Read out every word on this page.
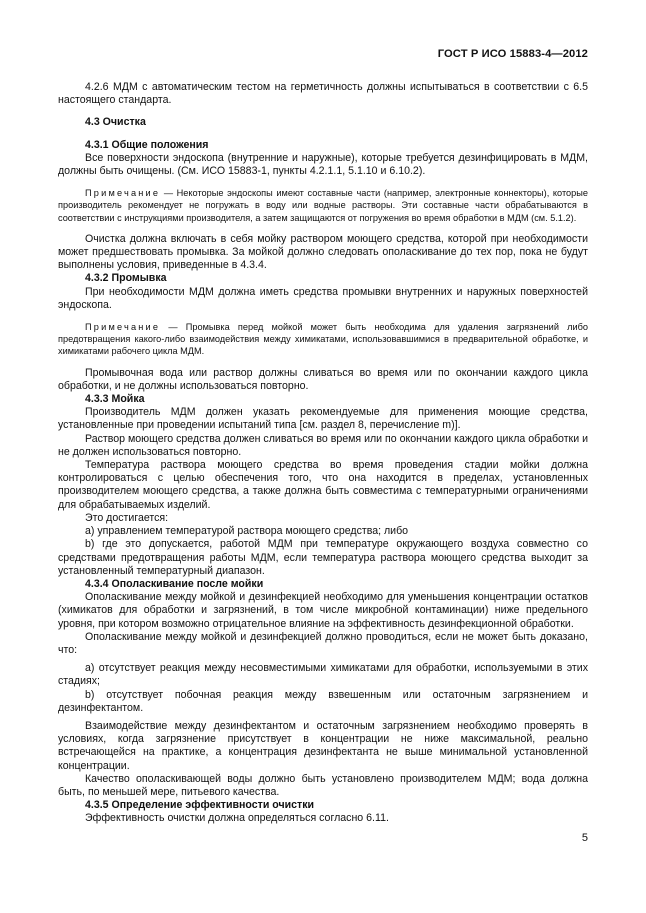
ГОСТ Р ИСО 15883-4—2012

4.2.6 МДМ с автоматическим тестом на герметичность должны испытываться в соответствии с 6.5 настоящего стандарта.

4.3 Очистка

4.3.1 Общие положения

Все поверхности эндоскопа (внутренние и наружные), которые требуется дезинфицировать в МДМ, должны быть очищены. (См. ИСО 15883-1, пункты 4.2.1.1, 5.1.10 и 6.10.2).

Примечание — Некоторые эндоскопы имеют составные части (например, электронные коннекторы), которые производитель рекомендует не погружать в воду или водные растворы. Эти составные части обрабатываются в соответствии с инструкциями производителя, а затем защищаются от погружения во время обработки в МДМ (см. 5.1.2).

Очистка должна включать в себя мойку раствором моющего средства, которой при необходимости может предшествовать промывка. За мойкой должно следовать ополаскивание до тех пор, пока не будут выполнены условия, приведенные в 4.3.4.

4.3.2 Промывка

При необходимости МДМ должна иметь средства промывки внутренних и наружных поверхностей эндоскопа.

Примечание — Промывка перед мойкой может быть необходима для удаления загрязнений либо предотвращения какого-либо взаимодействия между химикатами, использовавшимися в предварительной обработке, и химикатами рабочего цикла МДМ.

Промывочная вода или раствор должны сливаться во время или по окончании каждого цикла обработки, и не должны использоваться повторно.

4.3.3 Мойка

Производитель МДМ должен указать рекомендуемые для применения моющие средства, установленные при проведении испытаний типа [см. раздел 8, перечисление m)].

Раствор моющего средства должен сливаться во время или по окончании каждого цикла обработки и не должен использоваться повторно.

Температура раствора моющего средства во время проведения стадии мойки должна контролироваться с целью обеспечения того, что она находится в пределах, установленных производителем моющего средства, а также должна быть совместима с температурными ограничениями для обрабатываемых изделий.

Это достигается:

а) управлением температурой раствора моющего средства; либо

b) где это допускается, работой МДМ при температуре окружающего воздуха совместно со средствами предотвращения работы МДМ, если температура раствора моющего средства выходит за установленный температурный диапазон.

4.3.4 Ополаскивание после мойки

Ополаскивание между мойкой и дезинфекцией необходимо для уменьшения концентрации остатков (химикатов для обработки и загрязнений, в том числе микробной контаминации) ниже предельного уровня, при котором возможно отрицательное влияние на эффективность дезинфекционной обработки.

Ополаскивание между мойкой и дезинфекцией должно проводиться, если не может быть доказано, что:

а) отсутствует реакция между несовместимыми химикатами для обработки, используемыми в этих стадиях;

b) отсутствует побочная реакция между взвешенным или остаточным загрязнением и дезинфектантом.

Взаимодействие между дезинфектантом и остаточным загрязнением необходимо проверять в условиях, когда загрязнение присутствует в концентрации не ниже максимальной, реально встречающейся на практике, а концентрация дезинфектанта не выше минимальной установленной концентрации.

Качество ополаскивающей воды должно быть установлено производителем МДМ; вода должна быть, по меньшей мере, питьевого качества.

4.3.5 Определение эффективности очистки

Эффективность очистки должна определяться согласно 6.11.

5
